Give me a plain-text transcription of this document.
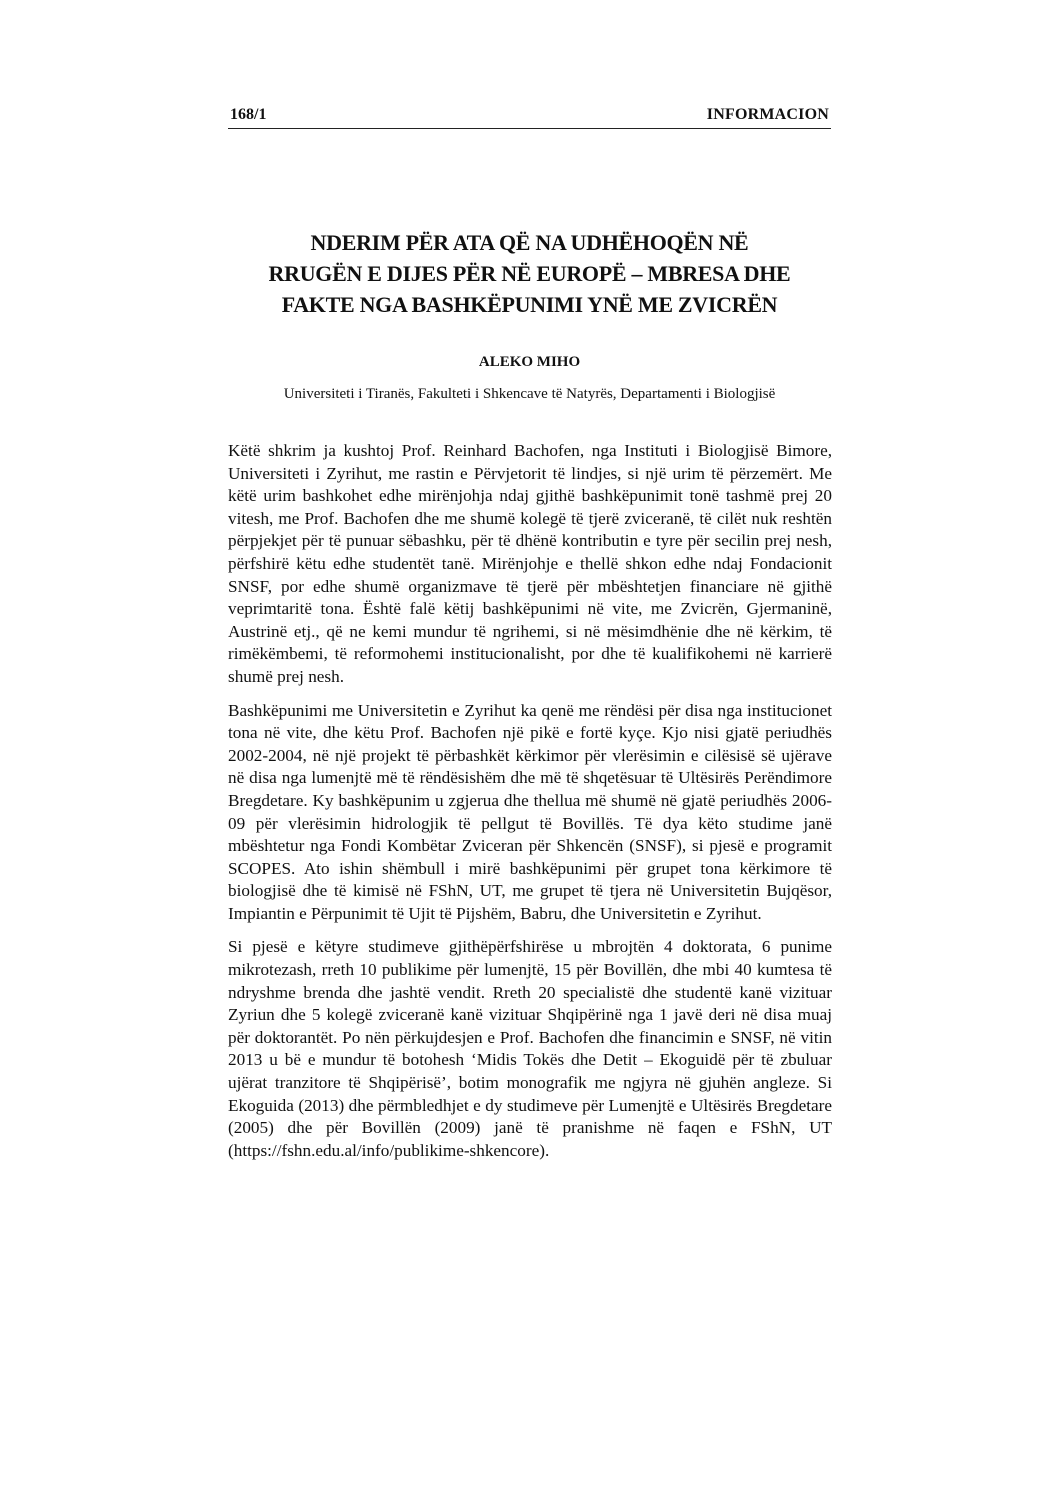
168/1	INFORMACION
NDERIM PËR ATA QË NA UDHËHOQËN NË
RRUGËN E DIJES PËR NË EUROPË – MBRESA DHE
FAKTE NGA BASHKËPUNIMI YNË ME ZVICRËN
ALEKO MIHO
Universiteti i Tiranës, Fakulteti i Shkencave të Natyrës, Departamenti i Biologjisë

Këtë shkrim ja kushtoj Prof. Reinhard Bachofen, nga Instituti i Biologjisë Bimore, Universiteti i Zyrihut, me rastin e Përvjetorit të lindjes, si një urim të përzemërt. Me këtë urim bashkohet edhe mirënjohja ndaj gjithë bashkëpunimit tonë tashmë prej 20 vitesh, me Prof. Bachofen dhe me shumë kolegë të tjerë zviceranë, të cilët nuk reshtën përpjekjet për të punuar sëbashku, për të dhënë kontributin e tyre për secilin prej nesh, përfshirë këtu edhe studentët tanë. Mirënjohje e thellë shkon edhe ndaj Fondacionit SNSF, por edhe shumë organizmave të tjerë për mbështetjen financiare në gjithë veprimtaritë tona. Është falë këtij bashkëpunimi në vite, me Zvicrën, Gjermaninë, Austrinë etj., që ne kemi mundur të ngrihemi, si në mësimdhënie dhe në kërkim, të rimëkëmbemi, të reformohemi institucionalisht, por dhe të kualifikohemi në karrierë shumë prej nesh.

Bashkëpunimi me Universitetin e Zyrihut ka qenë me rëndësi për disa nga institucionet tona në vite, dhe këtu Prof. Bachofen një pikë e fortë kyçe. Kjo nisi gjatë periudhës 2002-2004, në një projekt të përbashkët kërkimor për vlerësimin e cilësisë së ujërave në disa nga lumenjtë më të rëndësishëm dhe më të shqetësuar të Ultësirës Perëndimore Bregdetare. Ky bashkëpunim u zgjerua dhe thellua më shumë në gjatë periudhës 2006-09 për vlerësimin hidrologjik të pellgut të Bovillës. Të dya këto studime janë mbështetur nga Fondi Kombëtar Zviceran për Shkencën (SNSF), si pjesë e programit SCOPES. Ato ishin shëmbull i mirë bashkëpunimi për grupet tona kërkimore të biologjisë dhe të kimisë në FShN, UT, me grupet të tjera në Universitetin Bujqësor, Impiantin e Përpunimit të Ujit të Pijshëm, Babru, dhe Universitetin e Zyrihut.

Si pjesë e këtyre studimeve gjithëpërfshirëse u mbrojtën 4 doktorata, 6 punime mikrotezash, rreth 10 publikime për lumenjtë, 15 për Bovillën, dhe mbi 40 kumtesa të ndryshme brenda dhe jashtë vendit. Rreth 20 specialistë dhe studentë kanë vizituar Zyriun dhe 5 kolegë zviceranë kanë vizituar Shqipërinë nga 1 javë deri në disa muaj për doktorantët. Po nën përkujdesjen e Prof. Bachofen dhe financimin e SNSF, në vitin 2013 u bë e mundur të botohesh ‘Midis Tokës dhe Detit – Ekoguidë për të zbuluar ujërat tranzitore të Shqipërisë’, botim monografik me ngjyra në gjuhën angleze. Si Ekoguida (2013) dhe përmbledhjet e dy studimeve për Lumenjtë e Ultësirës Bregdetare (2005) dhe për Bovillën (2009) janë të pranishme në faqen e FShN, UT (https://fshn.edu.al/info/publikime-shkencore).
